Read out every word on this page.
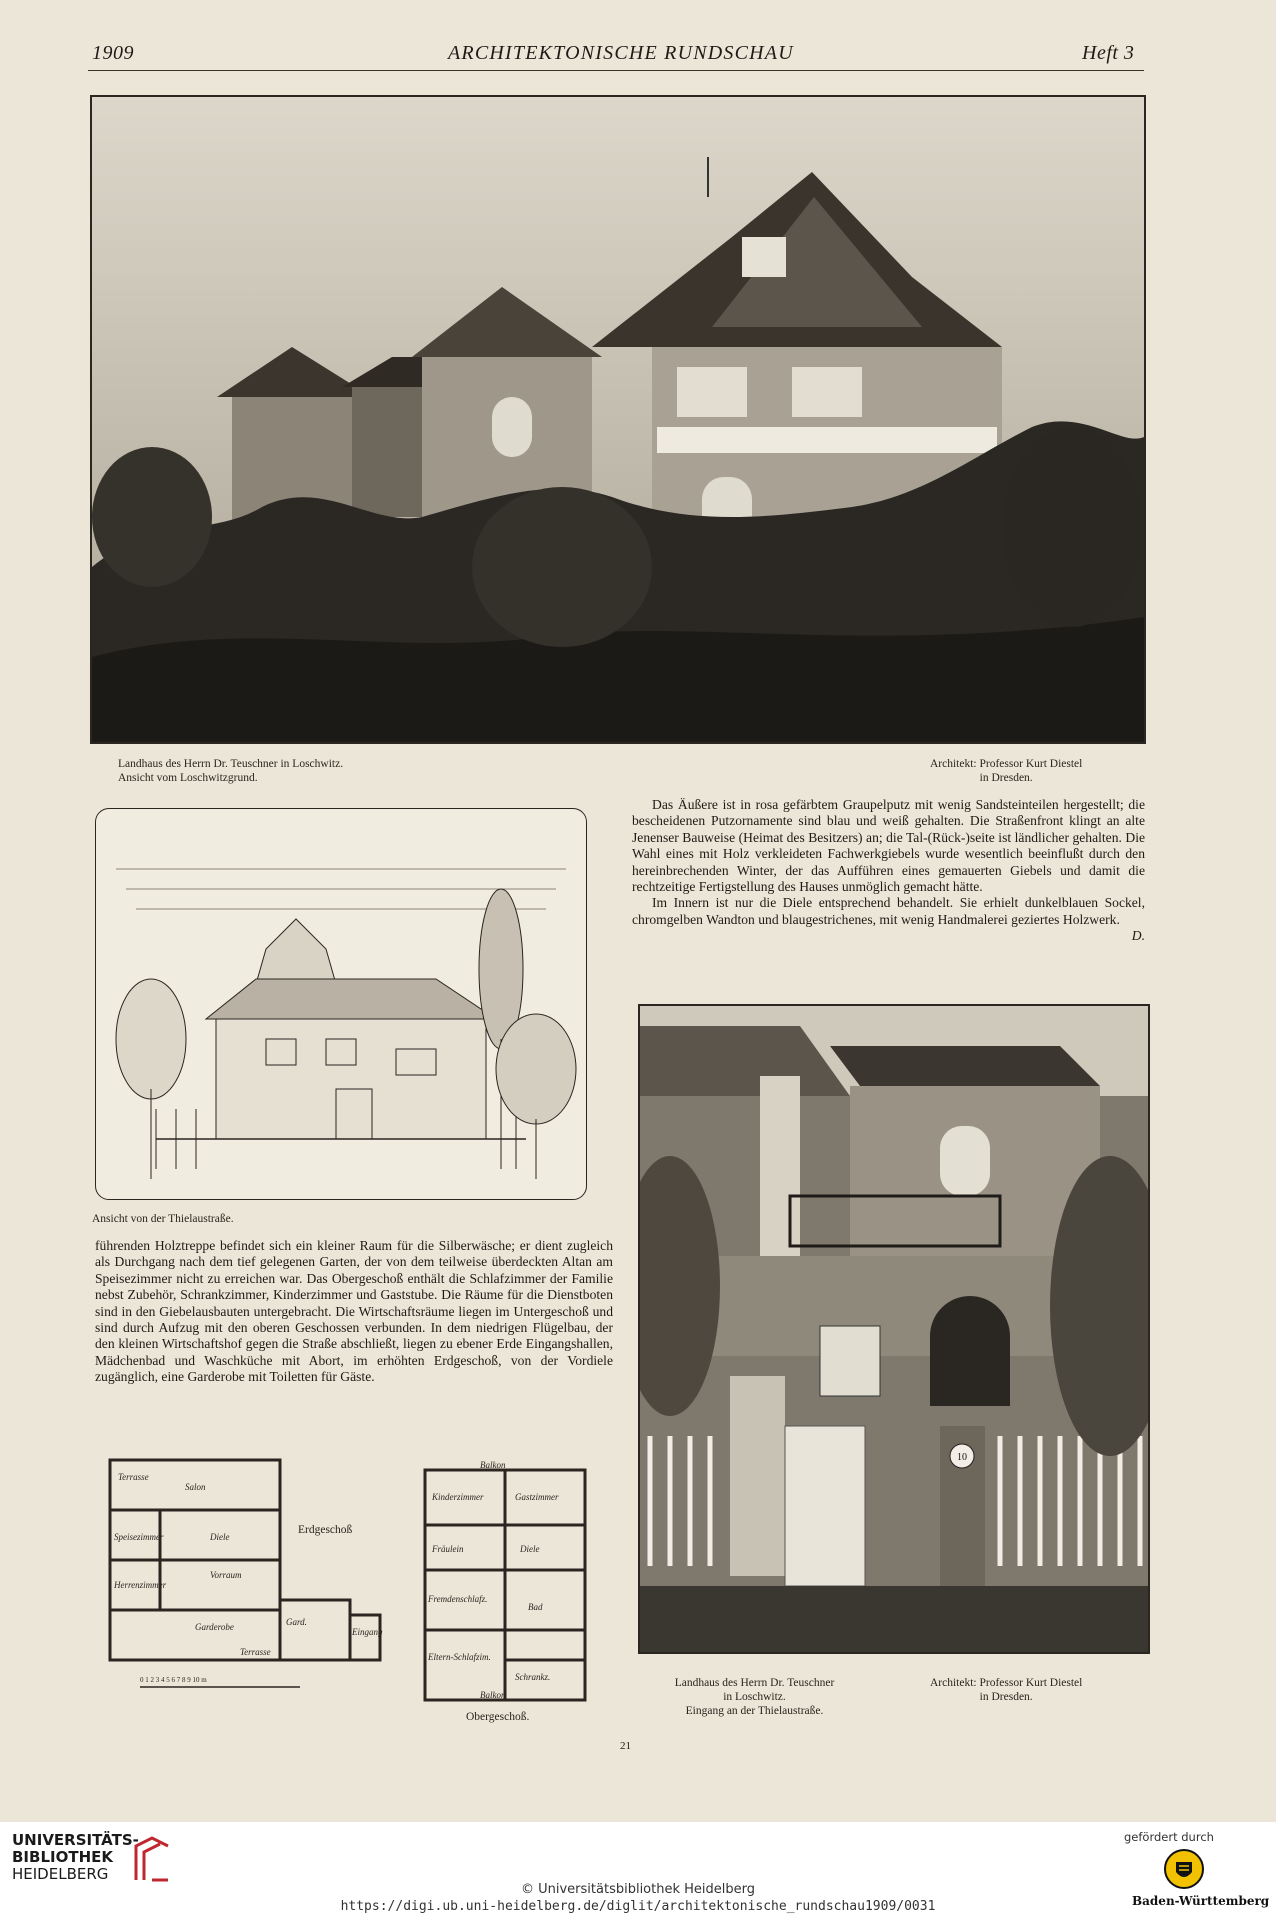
1909	ARCHITEKTONISCHE RUNDSCHAU	Heft 3
Landhaus des Herrn Dr. Teuschner in Loschwitz.
Ansicht vom Loschwitzgrund.
Architekt: Professor Kurt Diestel
in Dresden.
Ansicht von der Thielaustraße.

Das Äußere ist in rosa gefärbtem Graupelputz mit wenig Sandsteinteilen hergestellt; die bescheidenen Putzornamente sind blau und weiß gehalten. Die Straßenfront klingt an alte Jenenser Bauweise (Heimat des Besitzers) an; die Tal-(Rück-)seite ist ländlicher gehalten. Die Wahl eines mit Holz verkleideten Fachwerkgiebels wurde wesentlich beeinflußt durch den hereinbrechenden Winter, der das Aufführen eines gemauerten Giebels und damit die rechtzeitige Fertigstellung des Hauses unmöglich gemacht hätte.

Im Innern ist nur die Diele entsprechend behandelt. Sie erhielt dunkelblauen Sockel, chromgelben Wandton und blaugestrichenes, mit wenig Handmalerei geziertes Holzwerk.
D.

führenden Holztreppe befindet sich ein kleiner Raum für die Silberwäsche; er dient zugleich als Durchgang nach dem tief gelegenen Garten, der von dem teilweise überdeckten Altan am Speisezimmer nicht zu erreichen war. Das Obergeschoß enthält die Schlafzimmer der Familie nebst Zubehör, Schrankzimmer, Kinderzimmer und Gaststube. Die Räume für die Dienstboten sind in den Giebelausbauten untergebracht. Die Wirtschaftsräume liegen im Untergeschoß und sind durch Aufzug mit den oberen Geschossen verbunden. In dem niedrigen Flügelbau, der den kleinen Wirtschaftshof gegen die Straße abschließt, liegen zu ebener Erde Eingangshallen, Mädchenbad und Waschküche mit Abort, im erhöhten Erdgeschoß, von der Vordiele zugänglich, eine Garderobe mit Toiletten für Gäste.

Terrasse
Salon
Speisezimmer	Diele
Vorraum
Herrenzimmer
Garderobe	Gard.
Eingang
Terrasse
0 1 2 3 4 5 6 7 8 9 10 m
Erdgeschoß
Balkon
Kinderzimmer	Gastzimmer
Fräulein	Diele
Fremdenschlafz.
Bad
Eltern-Schlafzim.
Schrankz.
Balkon
Obergeschoß.
10
Landhaus des Herrn Dr. Teuschner
in Loschwitz.
Eingang an der Thielaustraße.
Architekt: Professor Kurt Diestel
in Dresden.
21
UNIVERSITÄTS-
BIBLIOTHEK
HEIDELBERG
© Universitätsbibliothek Heidelberg
https://digi.ub.uni-heidelberg.de/diglit/architektonische_rundschau1909/0031
gefördert durch
Baden-Württemberg
